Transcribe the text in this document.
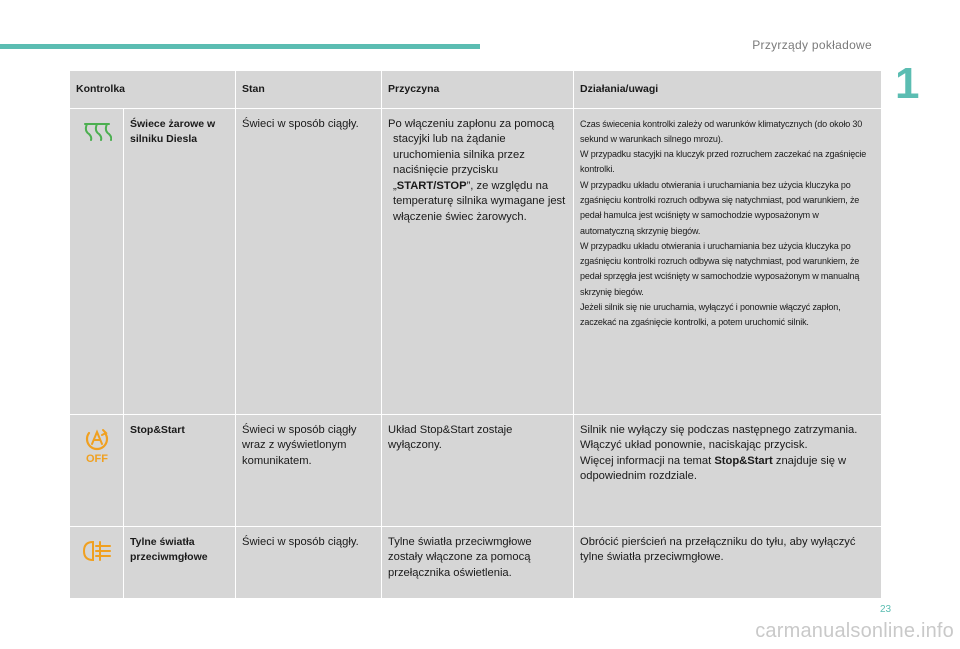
Przyrządy pokładowe
1
Kontrolka		Stan	Przyczyna	Działania/uwagi
	Świece żarowe w silniku Diesla	Świeci w sposób ciągły.	Po włączeniu zapłonu za pomocą stacyjki lub na żądanie uruchomienia silnika przez naciśnięcie przycisku „START/STOP”, ze względu na temperaturę silnika wymagane jest włączenie świec żarowych.	Czas świecenia kontrolki zależy od warunków klimatycznych (do około 30 sekund w warunkach silnego mrozu).
W przypadku stacyjki na kluczyk przed rozruchem zaczekać na zgaśnięcie kontrolki.
W przypadku układu otwierania i uruchamiania bez użycia kluczyka po zgaśnięciu kontrolki rozruch odbywa się natychmiast, pod warunkiem, że pedał hamulca jest wciśnięty w samochodzie wyposażonym w automatyczną skrzynię biegów.
W przypadku układu otwierania i uruchamiania bez użycia kluczyka po zgaśnięciu kontrolki rozruch odbywa się natychmiast, pod warunkiem, że pedał sprzęgła jest wciśnięty w samochodzie wyposażonym w manualną skrzynię biegów.
Jeżeli silnik się nie uruchamia, wyłączyć i ponownie włączyć zapłon, zaczekać na zgaśnięcie kontrolki, a potem uruchomić silnik.

OFF	Stop&Start	Świeci w sposób ciągły wraz z wyświetlonym komunikatem.	Układ Stop&Start zostaje wyłączony.	Silnik nie wyłączy się podczas następnego zatrzymania.
Włączyć układ ponownie, naciskając przycisk.
Więcej informacji na temat Stop&Start znajduje się w odpowiednim rozdziale.

	Tylne światła przeciwmgłowe	Świeci w sposób ciągły.	Tylne światła przeciwmgłowe zostały włączone za pomocą przełącznika oświetlenia.	Obrócić pierścień na przełączniku do tyłu, aby wyłączyć tylne światła przeciwmgłowe.
23
carmanualsonline.info
